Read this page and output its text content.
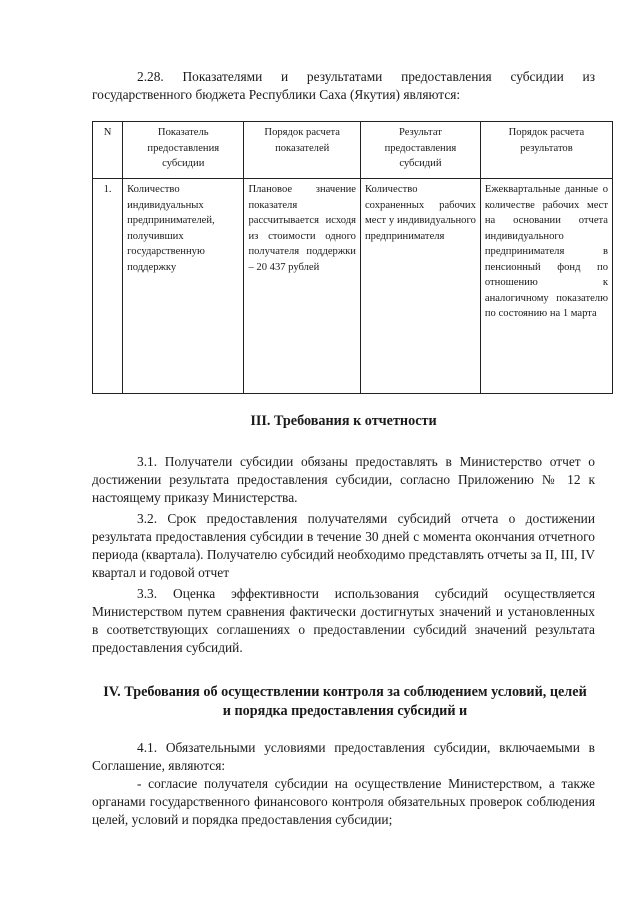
2.28. Показателями и результатами предоставления субсидии из государственного бюджета Республики Саха (Якутия) являются:

N	Показатель предоставления субсидии	Порядок расчета показателей	Результат предоставления субсидий	Порядок расчета результатов
1.	Количество индивидуальных предпринимателей, получивших государственную поддержку	Плановое значение показателя рассчитывается исходя из стоимости одного получателя поддержки – 20 437 рублей	Количество сохраненных рабочих мест у индивидуального предпринимателя	Ежеквартальные данные о количестве рабочих мест на основании отчета индивидуального предпринимателя в пенсионный фонд по отношению к аналогичному показателю по состоянию на 1 марта
III. Требования к отчетности

3.1. Получатели субсидии обязаны предоставлять в Министерство отчет о достижении результата предоставления субсидии, согласно Приложению № 12 к настоящему приказу Министерства.

3.2. Срок предоставления получателями субсидий отчета о достижении результата предоставления субсидии в течение 30 дней с момента окончания отчетного периода (квартала). Получателю субсидий необходимо представлять отчеты за II, III, IV квартал и годовой отчет

3.3. Оценка эффективности использования субсидий осуществляется Министерством путем сравнения фактически достигнутых значений и установленных в соответствующих соглашениях о предоставлении субсидий значений результата предоставления субсидий.

IV. Требования об осуществлении контроля за соблюдением условий, целей и порядка предоставления субсидий и

4.1. Обязательными условиями предоставления субсидии, включаемыми в Соглашение, являются:

- согласие получателя субсидии на осуществление Министерством, а также органами государственного финансового контроля обязательных проверок соблюдения целей, условий и порядка предоставления субсидии;
